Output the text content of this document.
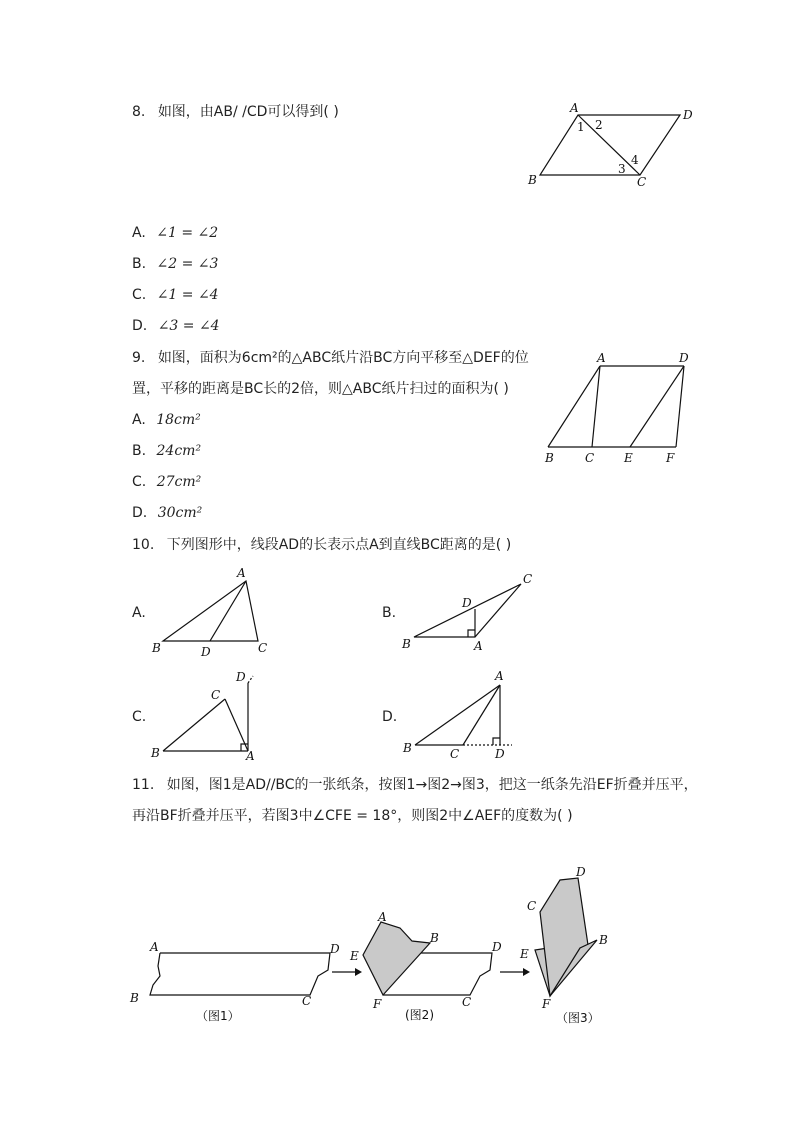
8. 如图，由AB/ /CD可以得到( )	A	D
B	C
1 2
3
4
A. ∠1 = ∠2
B. ∠2 = ∠3
C. ∠1 = ∠4
D. ∠3 = ∠4
9. 如图，面积为6cm²的△ABC纸片沿BC方向平移至△DEF的位
置，平移的距离是BC长的2倍，则△ABC纸片扫过的面积为( )
A	D
B	C E	F
A. 18cm²
B. 24cm²
C. 27cm²
D. 30cm²
10. 下列图形中，线段AD的长表示点A到直线BC距离的是( )
A.	B.
C.	D.
A
B	D	C
C
D
B	A
D
C
B	A
A
B	C	D
11. 如图，图1是AD//BC的一张纸条，按图1→图2→图3，把这一纸条先沿EF折叠并压平，
再沿BF折叠并压平，若图3中∠CFE = 18°，则图2中∠AEF的度数为( )
A	D
B	C
（图1）
A
B
D
E
F	C
(图2)
D
C
E
B
F
（图3）
